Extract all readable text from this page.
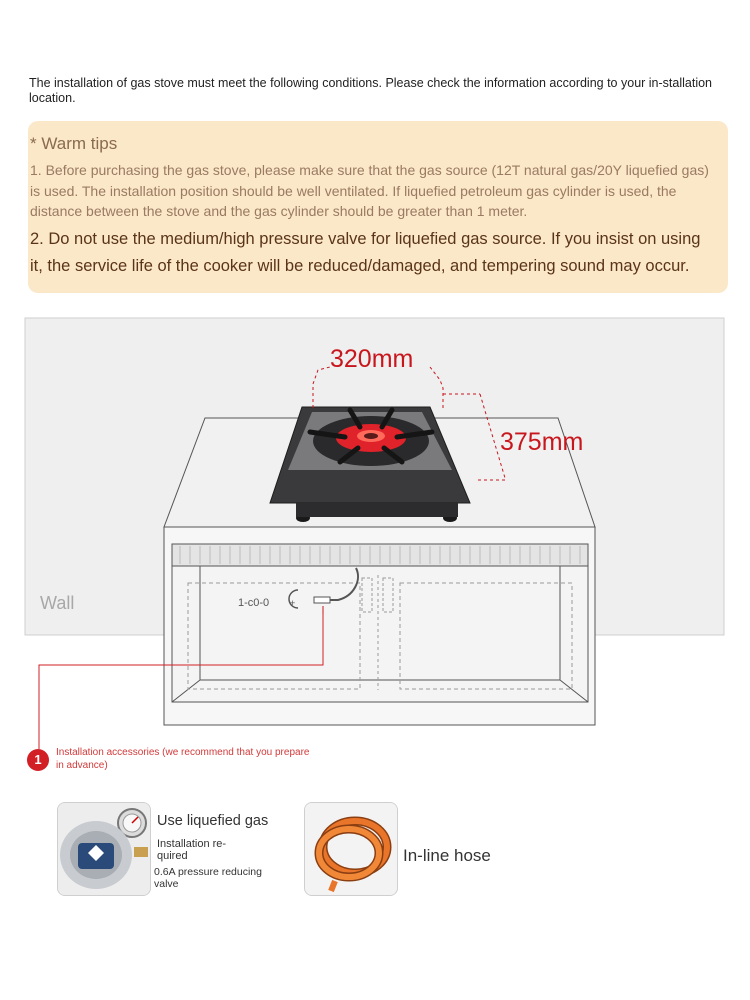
The installation of gas stove must meet the following conditions. Please check the information according to your in-stallation location.
* Warm tips
1. Before purchasing the gas stove, please make sure that the gas source (12T natural gas/20Y liquefied gas) is used. The installation position should be well ventilated. If liquefied petroleum gas cylinder is used, the distance between the stove and the gas cylinder should be greater than 1 meter.
2. Do not use the medium/high pressure valve for liquefied gas source. If you insist on using it, the service life of the cooker will be reduced/damaged, and tempering sound may occur.
Wall	+
1-c0-0
320mm
375mm
1	Installation accessories (we recommend that you prepare in advance)
Use liquefied gas
Installation re-quired
0.6A pressure reducing valve
In-line hose
